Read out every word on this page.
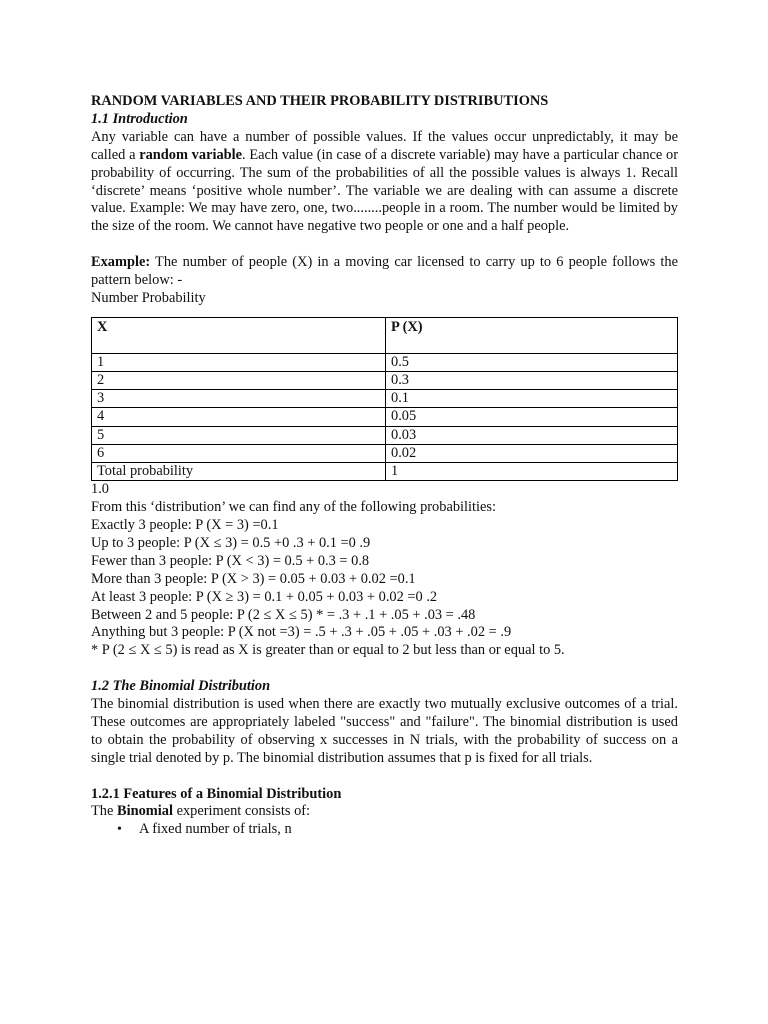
RANDOM VARIABLES AND THEIR PROBABILITY DISTRIBUTIONS
1.1 Introduction
Any variable can have a number of possible values. If the values occur unpredictably, it may be called a random variable. Each value (in case of a discrete variable) may have a particular chance or probability of occurring. The sum of the probabilities of all the possible values is always 1. Recall ‘discrete’ means ‘positive whole number’. The variable we are dealing with can assume a discrete value. Example: We may have zero, one, two........people in a room. The number would be limited by the size of the room. We cannot have negative two people or one and a half people.
Example: The number of people (X) in a moving car licensed to carry up to 6 people follows the pattern below: -
Number Probability
X	P (X)
1	0.5
2	0.3
3	0.1
4	0.05
5	0.03
6	0.02
Total probability	1
1.0
From this ‘distribution’ we can find any of the following probabilities:
Exactly 3 people: P (X = 3) =0.1
Up to 3 people: P (X ≤ 3) = 0.5 +0 .3 + 0.1 =0 .9
Fewer than 3 people: P (X < 3) = 0.5 + 0.3 = 0.8
More than 3 people: P (X > 3) = 0.05 + 0.03 + 0.02 =0.1
At least 3 people: P (X ≥ 3) = 0.1 + 0.05 + 0.03 + 0.02 =0 .2
Between 2 and 5 people: P (2 ≤ X ≤ 5) * = .3 + .1 + .05 + .03 = .48
Anything but 3 people: P (X not =3) = .5 + .3 + .05 + .05 + .03 + .02 = .9
* P (2 ≤ X ≤ 5) is read as X is greater than or equal to 2 but less than or equal to 5.
1.2 The Binomial Distribution
The binomial distribution is used when there are exactly two mutually exclusive outcomes of a trial. These outcomes are appropriately labeled "success" and "failure". The binomial distribution is used to obtain the probability of observing x successes in N trials, with the probability of success on a single trial denoted by p. The binomial distribution assumes that p is fixed for all trials.
1.2.1 Features of a Binomial Distribution
The Binomial experiment consists of:
• A fixed number of trials, n
